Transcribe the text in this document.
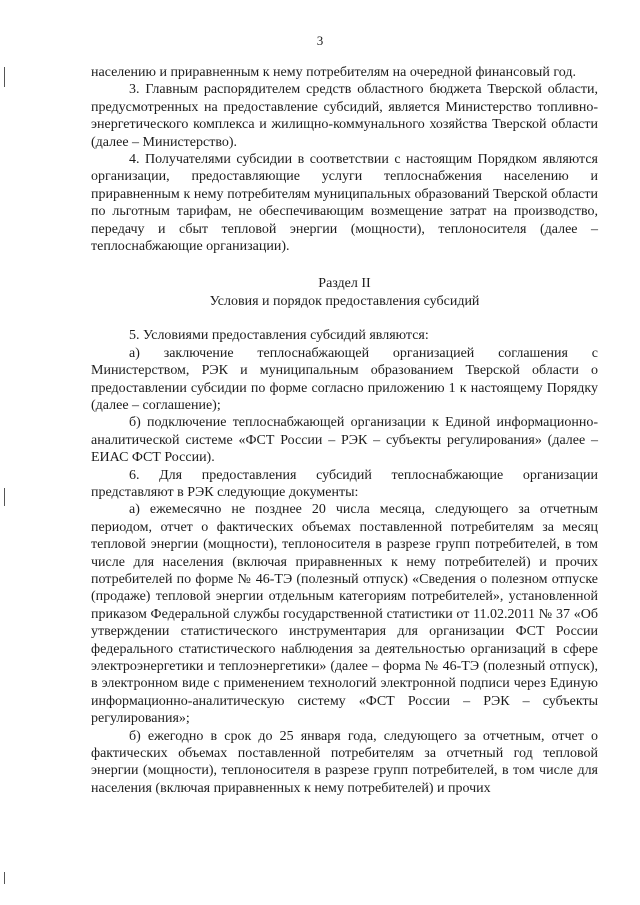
3

населению и приравненным к нему потребителям на очередной финансовый год.

3. Главным распорядителем средств областного бюджета Тверской области, предусмотренных на предоставление субсидий, является Министерство топливно-энергетического комплекса и жилищно-коммунального хозяйства Тверской области (далее – Министерство).

4. Получателями субсидии в соответствии с настоящим Порядком являются организации, предоставляющие услуги теплоснабжения населению и приравненным к нему потребителям муниципальных образований Тверской области по льготным тарифам, не обеспечивающим возмещение затрат на производство, передачу и сбыт тепловой энергии (мощности), теплоносителя (далее – теплоснабжающие организации).

Раздел II

Условия и порядок предоставления субсидий

5. Условиями предоставления субсидий являются:

а) заключение теплоснабжающей организацией соглашения с Министерством, РЭК и муниципальным образованием Тверской области о предоставлении субсидии по форме согласно приложению 1 к настоящему Порядку (далее – соглашение);

б) подключение теплоснабжающей организации к Единой информационно-аналитической системе «ФСТ России – РЭК – субъекты регулирования» (далее – ЕИАС ФСТ России).

6. Для предоставления субсидий теплоснабжающие организации представляют в РЭК следующие документы:

а) ежемесячно не позднее 20 числа месяца, следующего за отчетным периодом, отчет о фактических объемах поставленной потребителям за месяц тепловой энергии (мощности), теплоносителя в разрезе групп потребителей, в том числе для населения (включая приравненных к нему потребителей) и прочих потребителей по форме № 46-ТЭ (полезный отпуск) «Сведения о полезном отпуске (продаже) тепловой энергии отдельным категориям потребителей», установленной приказом Федеральной службы государственной статистики от 11.02.2011 № 37 «Об утверждении статистического инструментария для организации ФСТ России федерального статистического наблюдения за деятельностью организаций в сфере электроэнергетики и теплоэнергетики» (далее – форма № 46-ТЭ (полезный отпуск), в электронном виде с применением технологий электронной подписи через Единую информационно-аналитическую систему «ФСТ России – РЭК – субъекты регулирования»;

б) ежегодно в срок до 25 января года, следующего за отчетным, отчет о фактических объемах поставленной потребителям за отчетный год тепловой энергии (мощности), теплоносителя в разрезе групп потребителей, в том числе для населения (включая приравненных к нему потребителей) и прочих
